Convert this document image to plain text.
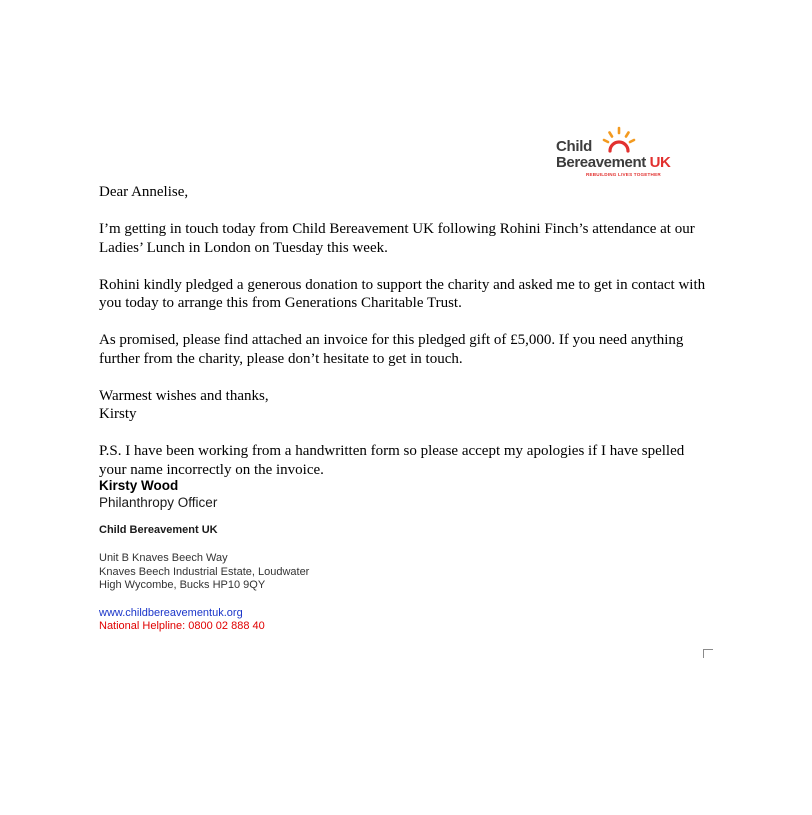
Child
Bereavement UK
REBUILDING LIVES TOGETHER

Dear Annelise,

I’m getting in touch today from Child Bereavement UK following Rohini Finch’s attendance at our Ladies’ Lunch in London on Tuesday this week.

Rohini kindly pledged a generous donation to support the charity and asked me to get in contact with you today to arrange this from Generations Charitable Trust.

As promised, please find attached an invoice for this pledged gift of £5,000. If you need anything further from the charity, please don’t hesitate to get in touch.

Warmest wishes and thanks,

Kirsty

P.S. I have been working from a handwritten form so please accept my apologies if I have spelled your name incorrectly on the invoice.

Kirsty Wood
Philanthropy Officer
Child Bereavement UK
Unit B Knaves Beech Way
Knaves Beech Industrial Estate, Loudwater
High Wycombe, Bucks HP10 9QY
www.childbereavementuk.org
National Helpline: 0800 02 888 40
